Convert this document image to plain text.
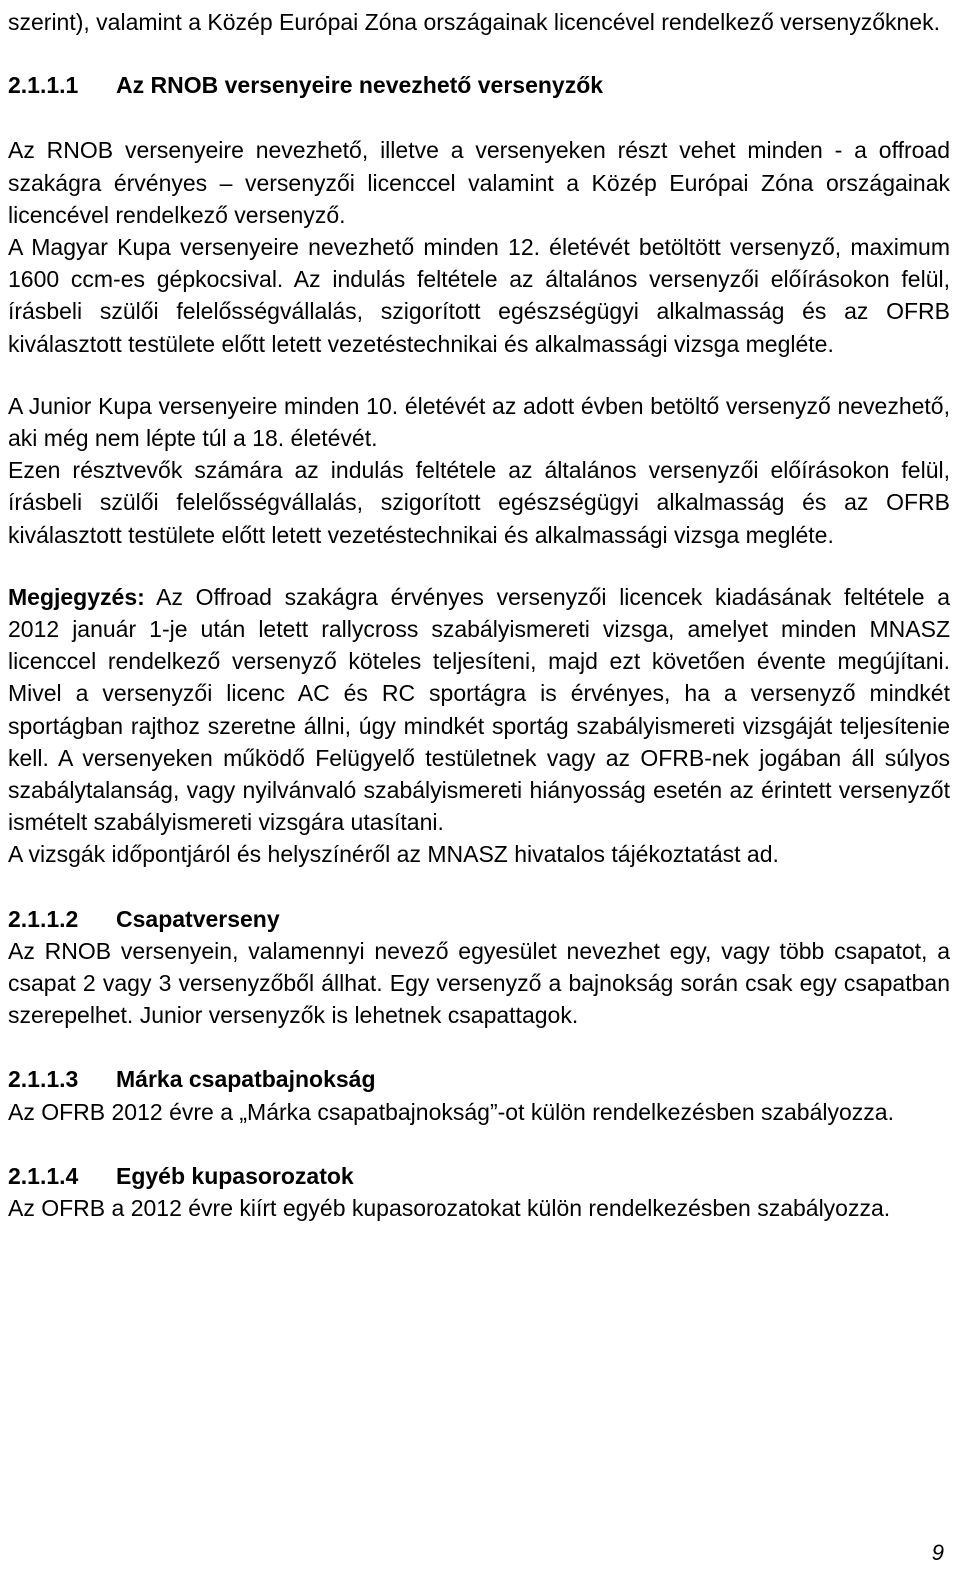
szerint), valamint a Közép Európai Zóna országainak licencével rendelkező versenyzőknek.

2.1.1.1 Az RNOB versenyeire nevezhető versenyzők

Az RNOB versenyeire nevezhető, illetve a versenyeken részt vehet minden - a offroad szakágra érvényes – versenyzői licenccel valamint a Közép Európai Zóna országainak licencével rendelkező versenyző.

A Magyar Kupa versenyeire nevezhető minden 12. életévét betöltött versenyző, maximum 1600 ccm-es gépkocsival. Az indulás feltétele az általános versenyzői előírásokon felül, írásbeli szülői felelősségvállalás, szigorított egészségügyi alkalmasság és az OFRB kiválasztott testülete előtt letett vezetéstechnikai és alkalmassági vizsga megléte.

A Junior Kupa versenyeire minden 10. életévét az adott évben betöltő versenyző nevezhető, aki még nem lépte túl a 18. életévét.

Ezen résztvevők számára az indulás feltétele az általános versenyzői előírásokon felül, írásbeli szülői felelősségvállalás, szigorított egészségügyi alkalmasság és az OFRB kiválasztott testülete előtt letett vezetéstechnikai és alkalmassági vizsga megléte.

Megjegyzés: Az Offroad szakágra érvényes versenyzői licencek kiadásának feltétele a 2012 január 1-je után letett rallycross szabályismereti vizsga, amelyet minden MNASZ licenccel rendelkező versenyző köteles teljesíteni, majd ezt követően évente megújítani. Mivel a versenyzői licenc AC és RC sportágra is érvényes, ha a versenyző mindkét sportágban rajthoz szeretne állni, úgy mindkét sportág szabályismereti vizsgáját teljesítenie kell. A versenyeken működő Felügyelő testületnek vagy az OFRB-nek jogában áll súlyos szabálytalanság, vagy nyilvánvaló szabályismereti hiányosság esetén az érintett versenyzőt ismételt szabályismereti vizsgára utasítani.

A vizsgák időpontjáról és helyszínéről az MNASZ hivatalos tájékoztatást ad.

2.1.1.2 Csapatverseny

Az RNOB versenyein, valamennyi nevező egyesület nevezhet egy, vagy több csapatot, a csapat 2 vagy 3 versenyzőből állhat. Egy versenyző a bajnokság során csak egy csapatban szerepelhet. Junior versenyzők is lehetnek csapattagok.

2.1.1.3 Márka csapatbajnokság

Az OFRB 2012 évre a „Márka csapatbajnokság”-ot külön rendelkezésben szabályozza.

2.1.1.4 Egyéb kupasorozatok

Az OFRB a 2012 évre kiírt egyéb kupasorozatokat külön rendelkezésben szabályozza.

9
